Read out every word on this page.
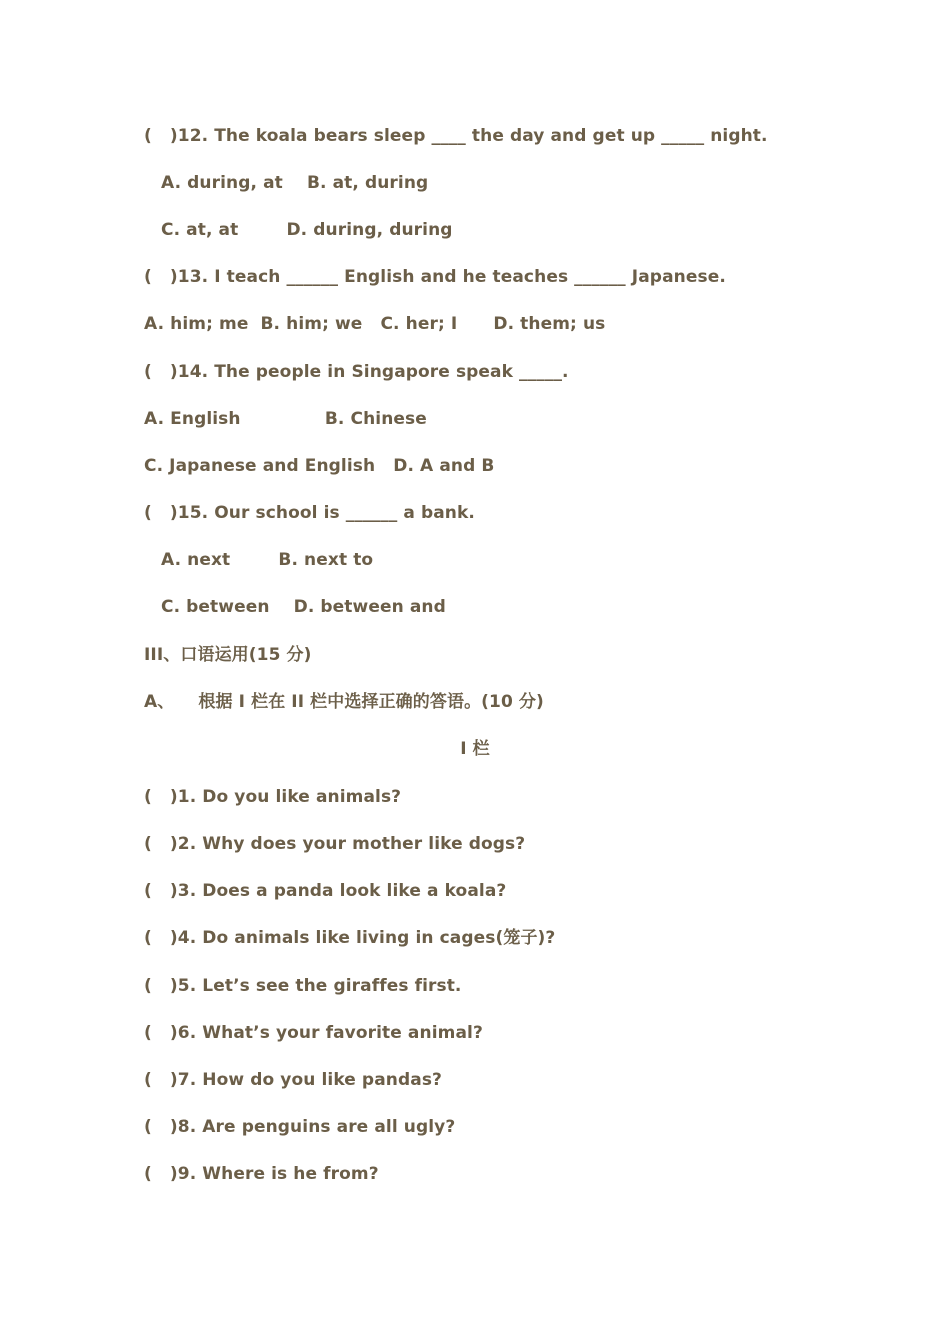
(   )12. The koala bears sleep ____ the day and get up _____ night.
A. during, at    B. at, during
C. at, at        D. during, during
(   )13. I teach ______ English and he teaches ______ Japanese.
A. him; me  B. him; we   C. her; I      D. them; us
(   )14. The people in Singapore speak _____.
A. English              B. Chinese
C. Japanese and English   D. A and B
(   )15. Our school is ______ a bank.
A. next        B. next to
C. between    D. between and
III、口语运用(15 分)
A、    根据 I 栏在 II 栏中选择正确的答语。(10 分)
I 栏
(   )1. Do you like animals?
(   )2. Why does your mother like dogs?
(   )3. Does a panda look like a koala?
(   )4. Do animals like living in cages(笼子)?
(   )5. Let’s see the giraffes first.
(   )6. What’s your favorite animal?
(   )7. How do you like pandas?
(   )8. Are penguins are all ugly?
(   )9. Where is he from?
